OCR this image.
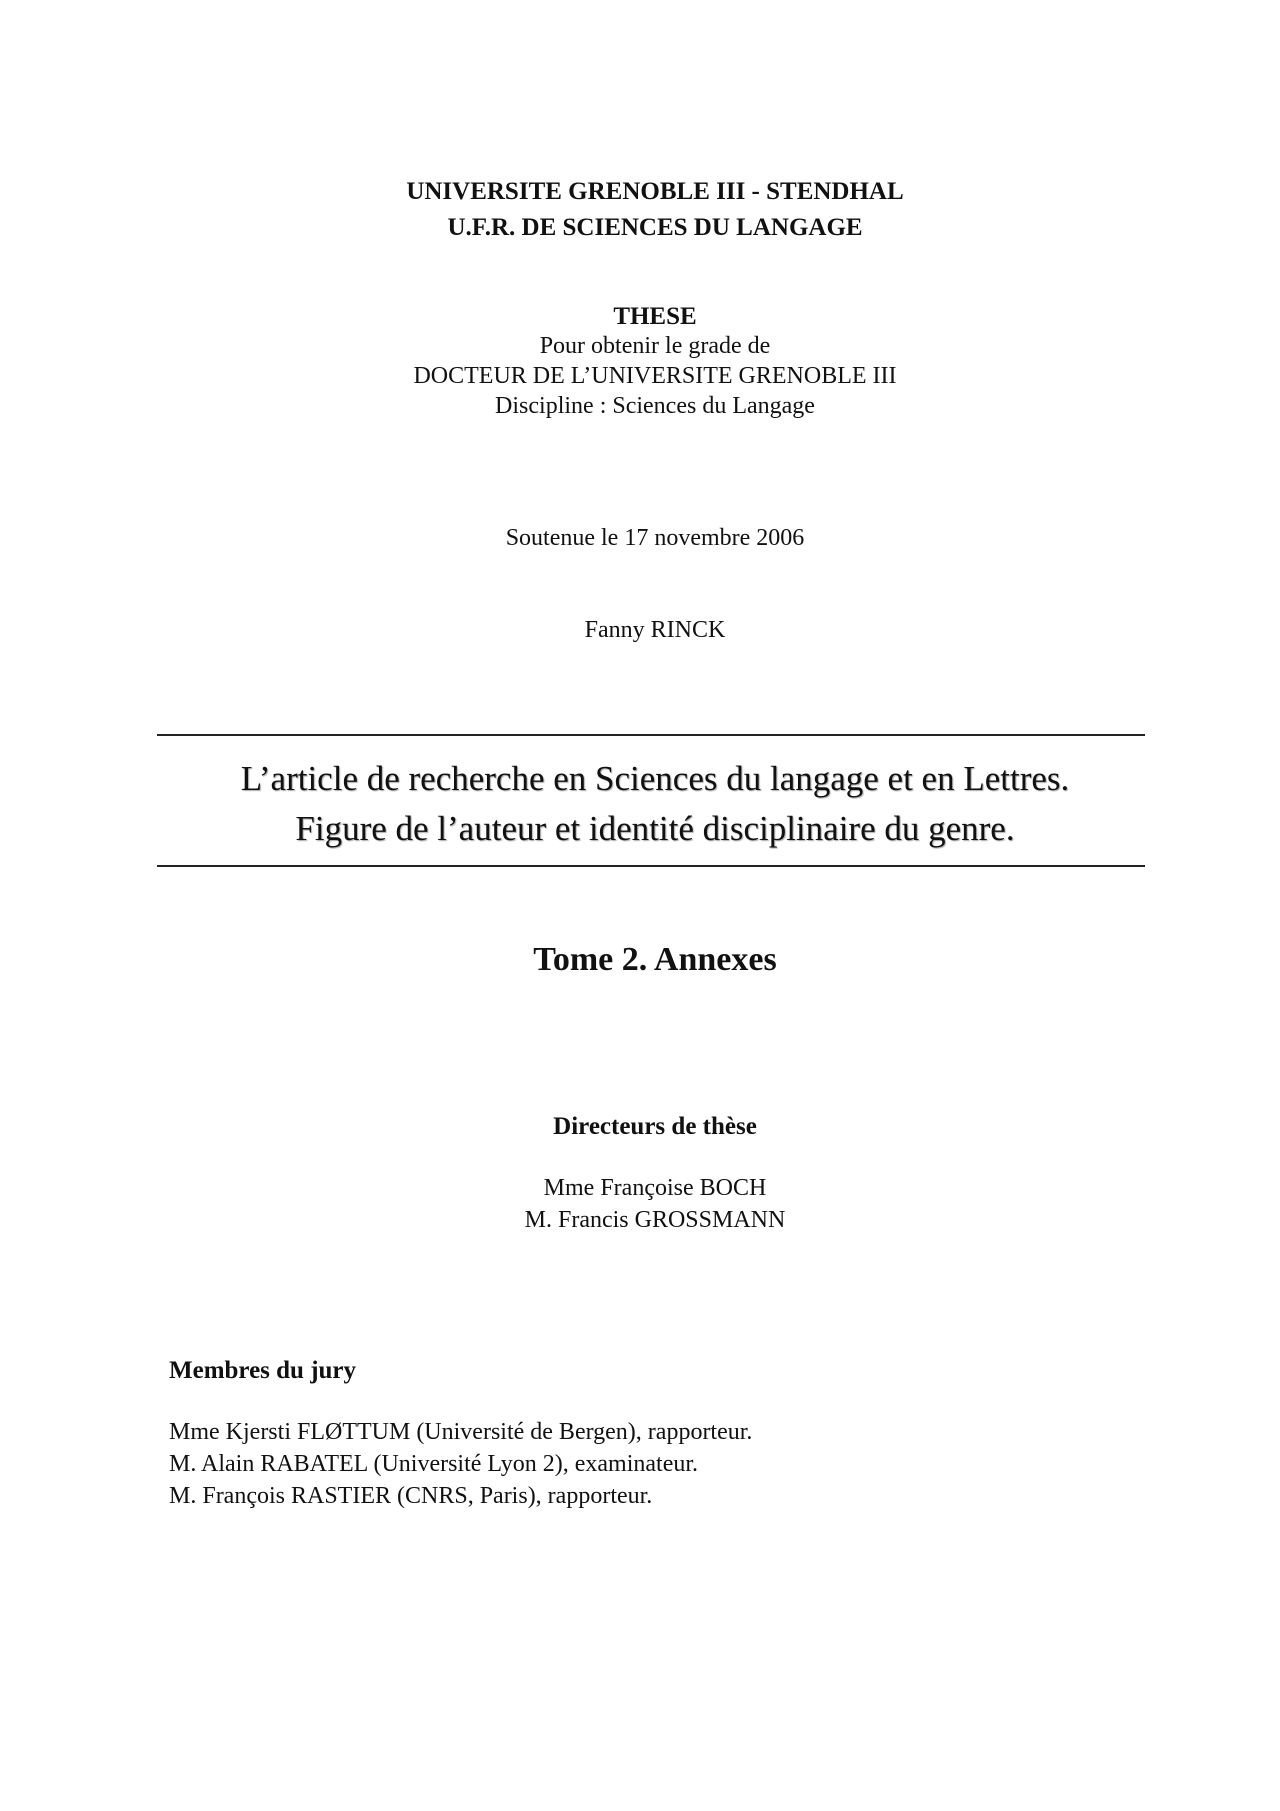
UNIVERSITE GRENOBLE III - STENDHAL
U.F.R. DE SCIENCES DU LANGAGE
THESE
Pour obtenir le grade de
DOCTEUR DE L’UNIVERSITE GRENOBLE III
Discipline : Sciences du Langage
Soutenue le 17 novembre 2006
Fanny RINCK
L’article de recherche en Sciences du langage et en Lettres.
Figure de l’auteur et identité disciplinaire du genre.
Tome 2. Annexes
Directeurs de thèse
Mme Françoise BOCH
M. Francis GROSSMANN
Membres du jury
Mme Kjersti FLØTTUM (Université de Bergen), rapporteur.
M. Alain RABATEL (Université Lyon 2), examinateur.
M. François RASTIER (CNRS, Paris), rapporteur.
